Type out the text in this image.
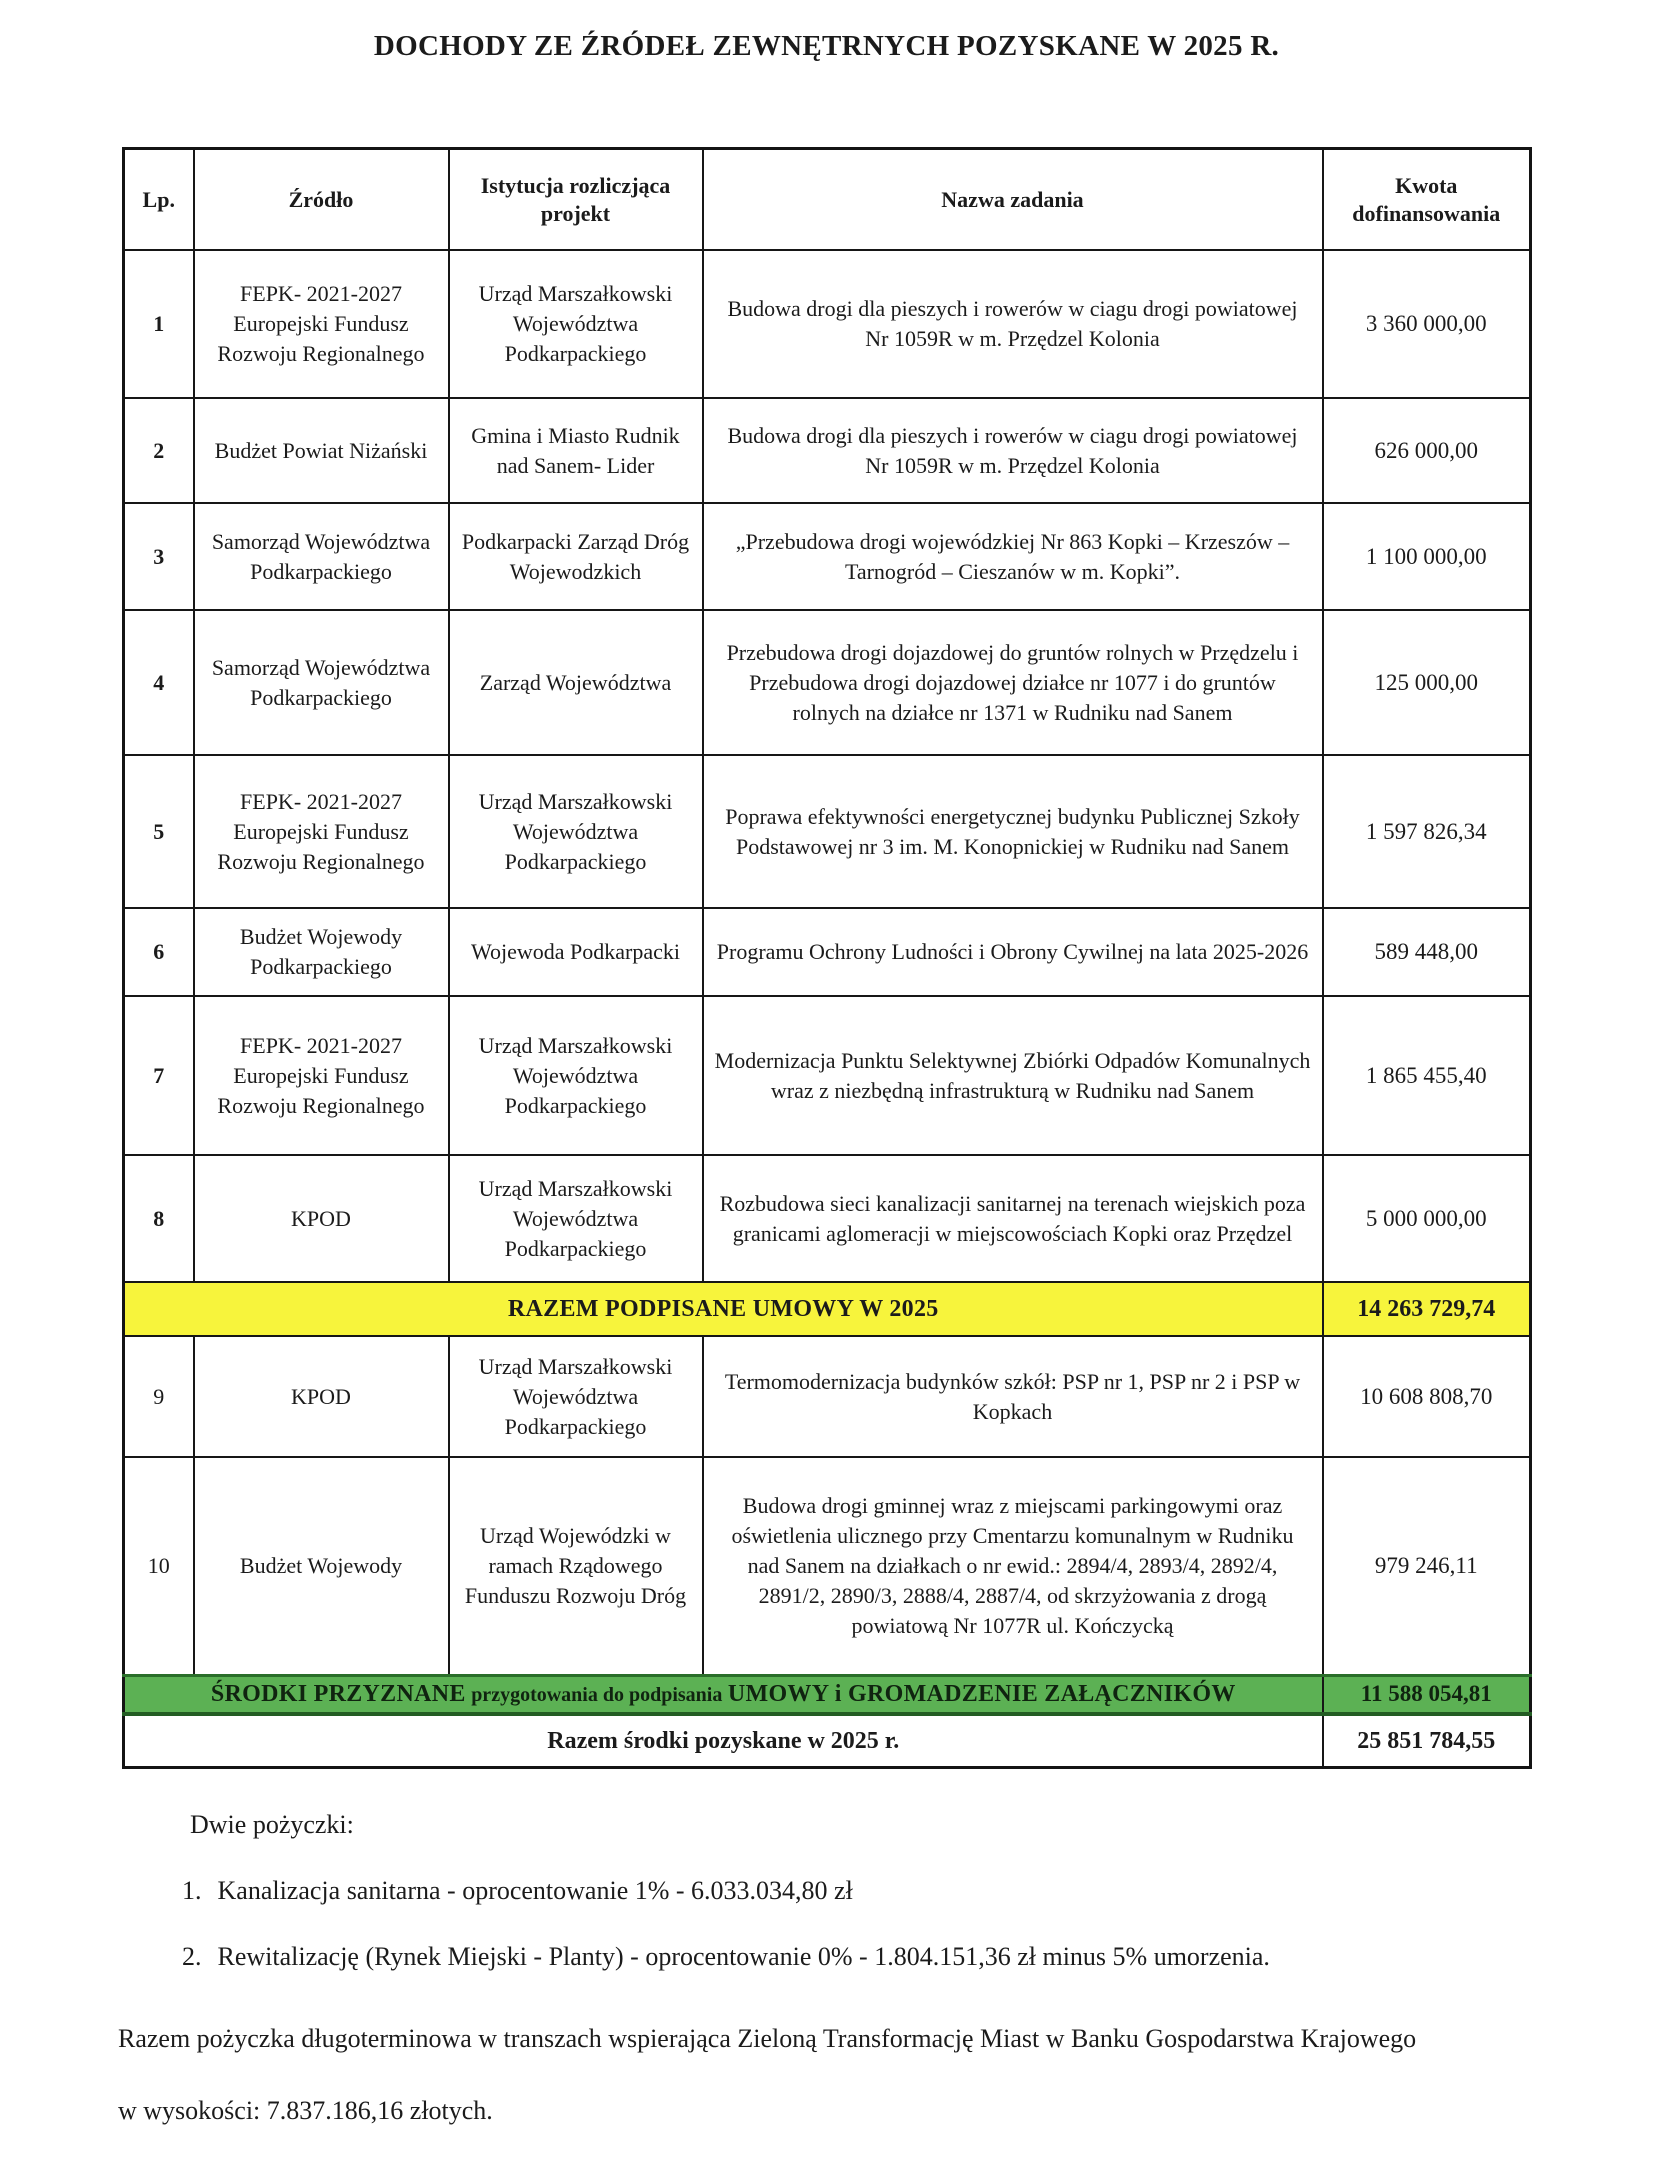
DOCHODY ZE ŹRÓDEŁ ZEWNĘTRNYCH POZYSKANE W 2025 R.
Lp.	Źródło	Istytucja rozliczjąca projekt	Nazwa zadania	Kwota dofinansowania
1	FEPK- 2021-2027 Europejski Fundusz Rozwoju Regionalnego	Urząd Marszałkowski Województwa Podkarpackiego	Budowa drogi dla pieszych i rowerów w ciagu drogi powiatowej Nr 1059R w m. Przędzel Kolonia	3 360 000,00
2	Budżet Powiat Niżański	Gmina i Miasto Rudnik nad Sanem- Lider	Budowa drogi dla pieszych i rowerów w ciagu drogi powiatowej Nr 1059R w m. Przędzel Kolonia	626 000,00
3	Samorząd Województwa Podkarpackiego	Podkarpacki Zarząd Dróg Wojewodzkich	„Przebudowa drogi wojewódzkiej Nr 863 Kopki – Krzeszów – Tarnogród – Cieszanów w m. Kopki”.	1 100 000,00
4	Samorząd Województwa Podkarpackiego	Zarząd Województwa	Przebudowa drogi dojazdowej do gruntów rolnych w Przędzelu i Przebudowa drogi dojazdowej działce nr 1077 i do gruntów rolnych na działce nr 1371 w Rudniku nad Sanem	125 000,00
5	FEPK- 2021-2027 Europejski Fundusz Rozwoju Regionalnego	Urząd Marszałkowski Województwa Podkarpackiego	Poprawa efektywności energetycznej budynku Publicznej Szkoły Podstawowej nr 3 im. M. Konopnickiej w Rudniku nad Sanem	1 597 826,34
6	Budżet Wojewody Podkarpackiego	Wojewoda Podkarpacki	Programu Ochrony Ludności i Obrony Cywilnej na lata 2025-2026	589 448,00
7	FEPK- 2021-2027 Europejski Fundusz Rozwoju Regionalnego	Urząd Marszałkowski Województwa Podkarpackiego	Modernizacja Punktu Selektywnej Zbiórki Odpadów Komunalnych wraz z niezbędną infrastrukturą w Rudniku nad Sanem	1 865 455,40
8	KPOD	Urząd Marszałkowski Województwa Podkarpackiego	Rozbudowa sieci kanalizacji sanitarnej na terenach wiejskich poza granicami aglomeracji w miejscowościach Kopki oraz Przędzel	5 000 000,00
RAZEM PODPISANE UMOWY W 2025				14 263 729,74
9	KPOD	Urząd Marszałkowski Województwa Podkarpackiego	Termomodernizacja budynków szkół: PSP nr 1, PSP nr 2 i PSP w Kopkach	10 608 808,70
10	Budżet Wojewody	Urząd Wojewódzki w ramach Rządowego Funduszu Rozwoju Dróg	Budowa drogi gminnej wraz z miejscami parkingowymi oraz oświetlenia ulicznego przy Cmentarzu komunalnym w Rudniku nad Sanem na działkach o nr ewid.: 2894/4, 2893/4, 2892/4, 2891/2, 2890/3, 2888/4, 2887/4, od skrzyżowania z drogą powiatową Nr 1077R ul. Kończycką	979 246,11
ŚRODKI PRZYZNANE przygotowania do podpisania UMOWY i GROMADZENIE ZAŁĄCZNIKÓW				11 588 054,81
Razem środki pozyskane w 2025 r.				25 851 784,55

Dwie pożyczki:

1. Kanalizacja sanitarna - oprocentowanie 1% - 6.033.034,80 zł
2. Rewitalizację (Rynek Miejski - Planty) - oprocentowanie 0% - 1.804.151,36 zł minus 5% umorzenia.
Razem pożyczka długoterminowa w transzach wspierająca Zieloną Transformację Miast w Banku Gospodarstwa Krajowego
w wysokości: 7.837.186,16 złotych.
